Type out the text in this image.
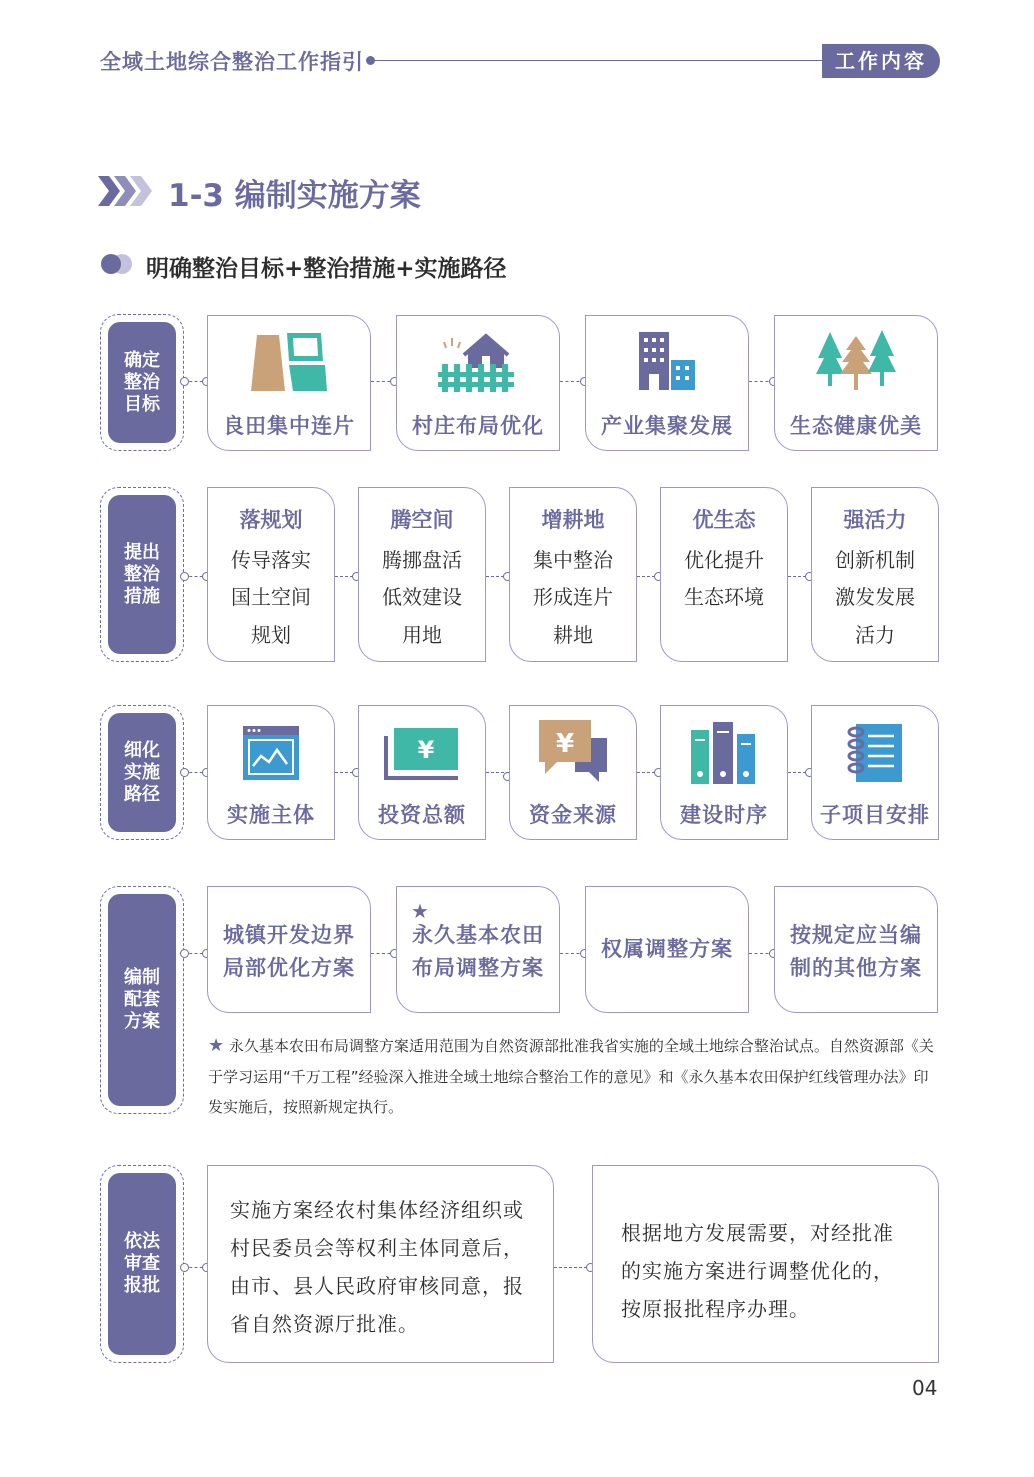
全域土地综合整治工作指引	工作内容
1-3 编制实施方案
明确整治目标+整治措施+实施路径
确定
整治
目标
良田集中连片	村庄布局优化	产业集聚发展	生态健康优美
提出
整治
措施
落规划
传导落实
国土空间
规划
腾空间
腾挪盘活
低效建设
用地
增耕地
集中整治
形成连片
耕地
优生态
优化提升
生态环境
强活力
创新机制
激发发展
活力
细化
实施
路径
实施主体
¥
投资总额
¥
资金来源	建设时序	子项目安排
编制
配套
方案
城镇开发边界
局部优化方案
★
永久基本农田
布局调整方案
权属调整方案
按规定应当编
制的其他方案
★ 永久基本农田布局调整方案适用范围为自然资源部批准我省实施的全域土地综合整治试点。自然资源部《关于学习运用“千万工程”经验深入推进全域土地综合整治工作的意见》和《永久基本农田保护红线管理办法》印发实施后，按照新规定执行。
依法
审查
报批
实施方案经农村集体经济组织或
村民委员会等权利主体同意后，
由市、县人民政府审核同意，报
省自然资源厅批准。
根据地方发展需要，对经批准
的实施方案进行调整优化的，
按原报批程序办理。
04
